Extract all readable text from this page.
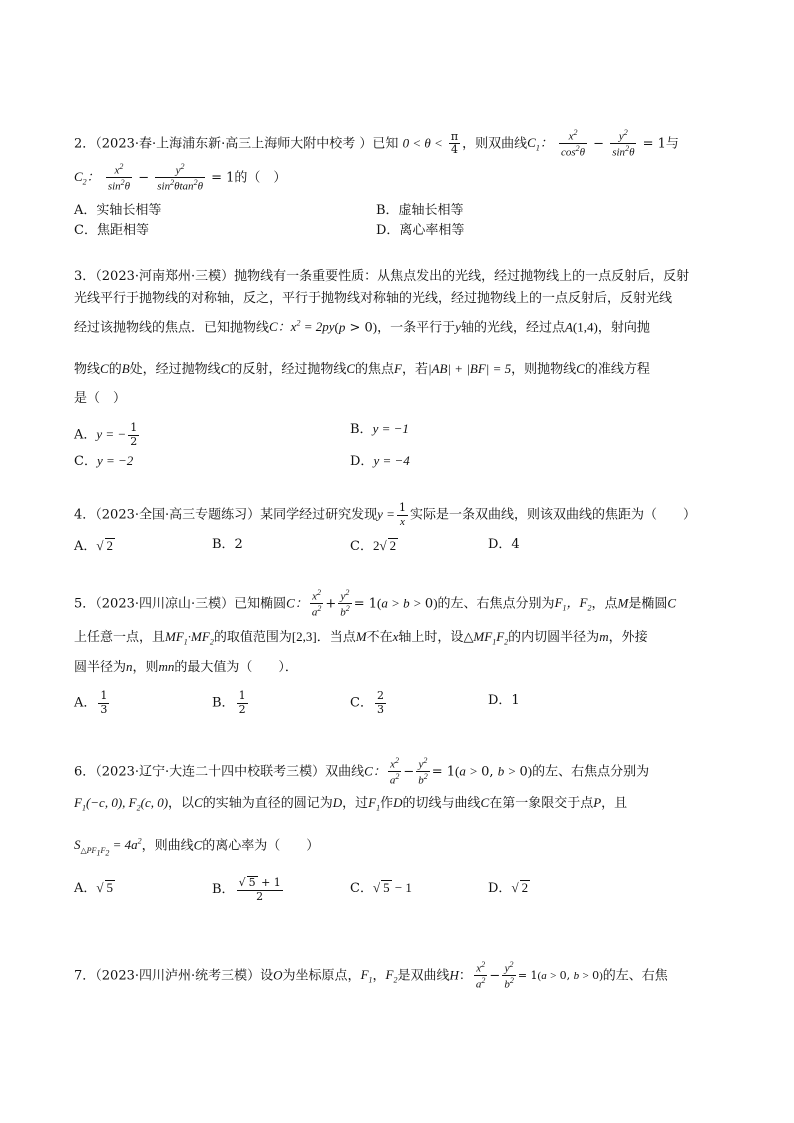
2．（2023·春·上海浦东新·高三上海师大附中校考 ）已知 $0 < \theta < \frac{\pi}{4}$ ，则双曲线$C_1$： $\frac{x^2}{\cos^2\theta} - \frac{y^2}{\sin^2\theta} = 1$与
$C_2$： $\frac{x^2}{\sin^2\theta} - \frac{y^2}{\sin^2\theta\tan^2\theta} = 1$的（　）
A．实轴长相等	B．虚轴长相等
C．焦距相等	D．离心率相等
3．（2023·河南郑州·三模）抛物线有一条重要性质：从焦点发出的光线，经过抛物线上的一点反射后，反射
光线平行于抛物线的对称轴，反之，平行于抛物线对称轴的光线，经过抛物线上的一点反射后，反射光线
经过该抛物线的焦点．已知抛物线C：$x^2 = 2py(p > 0)$，一条平行于y轴的光线，经过点A(1,4)，射向抛
物线C的B处，经过抛物线C的反射，经过抛物线C的焦点F，若|AB| + |BF| = 5，则抛物线C的准线方程
是（　）
A．y = − $\frac{1}{2}$	B．y = −1
C．y = −2	D．y = −4
4．（2023·全国·高三专题练习）某同学经过研究发现$y = \frac{1}{x}$ 实际是一条双曲线，则该双曲线的焦距为（　　）
A．√ 2	B．2	C．2√ 2	D．4
5．（2023·四川凉山·三模）已知椭圆C： $\frac{x^2}{a^2} + \frac{y^2}{b^2} = 1(a > b > 0)$的左、右焦点分别为$F_1$，$F_2$，点M是椭圆C
上任意一点，且$MF_1\cdot MF_2$的取值范围为[2,3]．当点M不在x轴上时，设$\triangle MF_1F_2$的内切圆半径为m，外接
圆半径为n，则mn的最大值为（　　）．
A． $\frac{1}{3}$	B． $\frac{1}{2}$	C． $\frac{2}{3}$	D．1
6．（2023·辽宁·大连二十四中校联考三模）双曲线C： $\frac{x^2}{a^2} - \frac{y^2}{b^2} = 1(a > 0$, b > 0)的左、右焦点分别为
$F_1(-c$, 0), $F_2(c$, 0)，以C的实轴为直径的圆记为D，过$F_1$作D的切线与曲线C在第一象限交于点P，且
$S_{\triangle PF_1F_2} = 4a^2$，则曲线C的离心率为（　　）
A．√ 5	B． $\frac{√ 5 + 1}{2}$	C．√ 5 − 1	D．√ 2
7．（2023·四川泸州·统考三模）设O为坐标原点，$F_1$，$F_2$是双曲线H： $\frac{x^2}{a^2} - \frac{y^2}{b^2} = 1(a > 0$, b > 0)的左、右焦
